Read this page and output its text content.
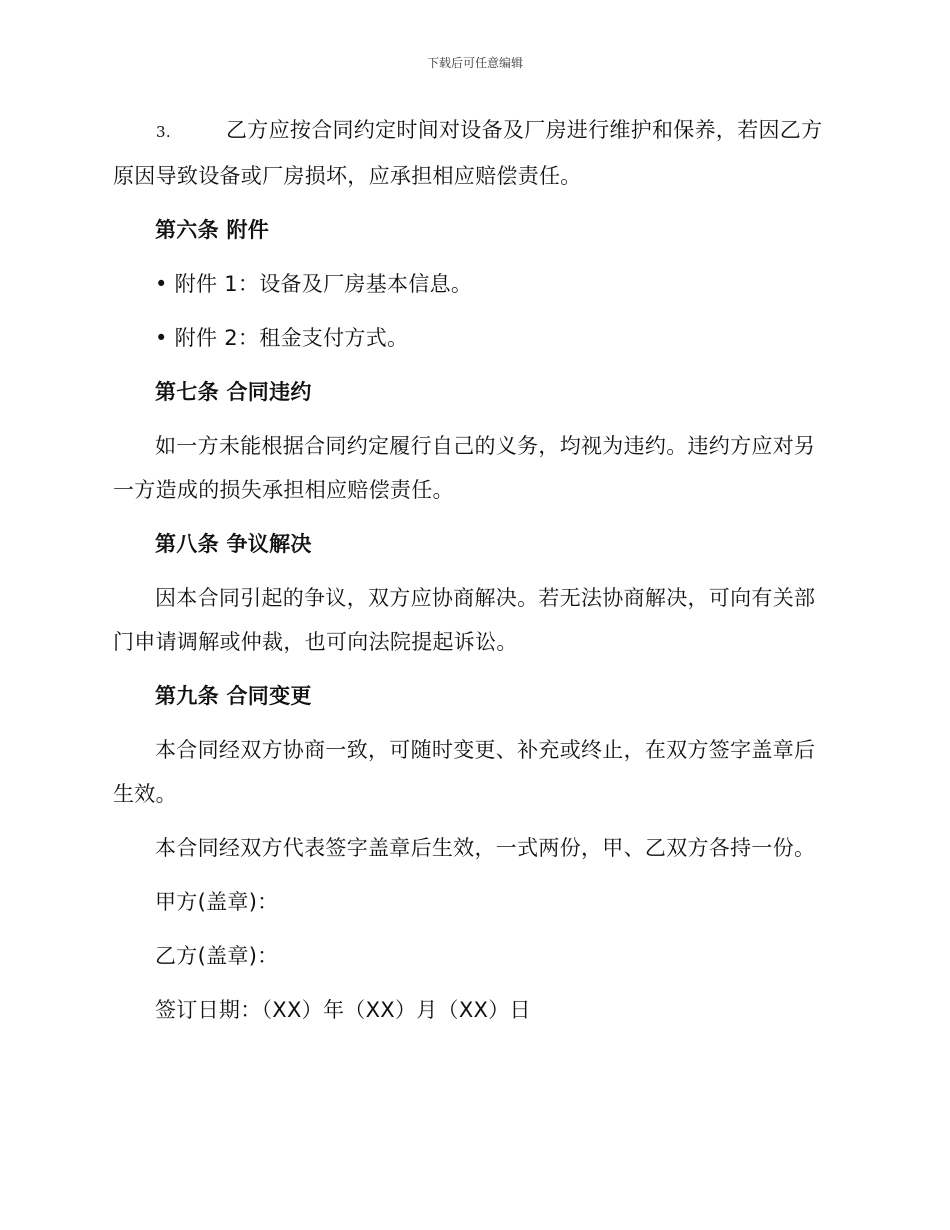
下载后可任意编辑

3.	乙方应按合同约定时间对设备及厂房进行维护和保养，若因乙方原因导致设备或厂房损坏，应承担相应赔偿责任。

第六条 附件
• 附件 1：设备及厂房基本信息。
• 附件 2：租金支付方式。
第七条 合同违约

如一方未能根据合同约定履行自己的义务，均视为违约。违约方应对另一方造成的损失承担相应赔偿责任。

第八条 争议解决

因本合同引起的争议，双方应协商解决。若无法协商解决，可向有关部门申请调解或仲裁，也可向法院提起诉讼。

第九条 合同变更

本合同经双方协商一致，可随时变更、补充或终止，在双方签字盖章后生效。

本合同经双方代表签字盖章后生效，一式两份，甲、乙双方各持一份。

甲方(盖章)：
乙方(盖章)：
签订日期：（XX）年（XX）月（XX）日
